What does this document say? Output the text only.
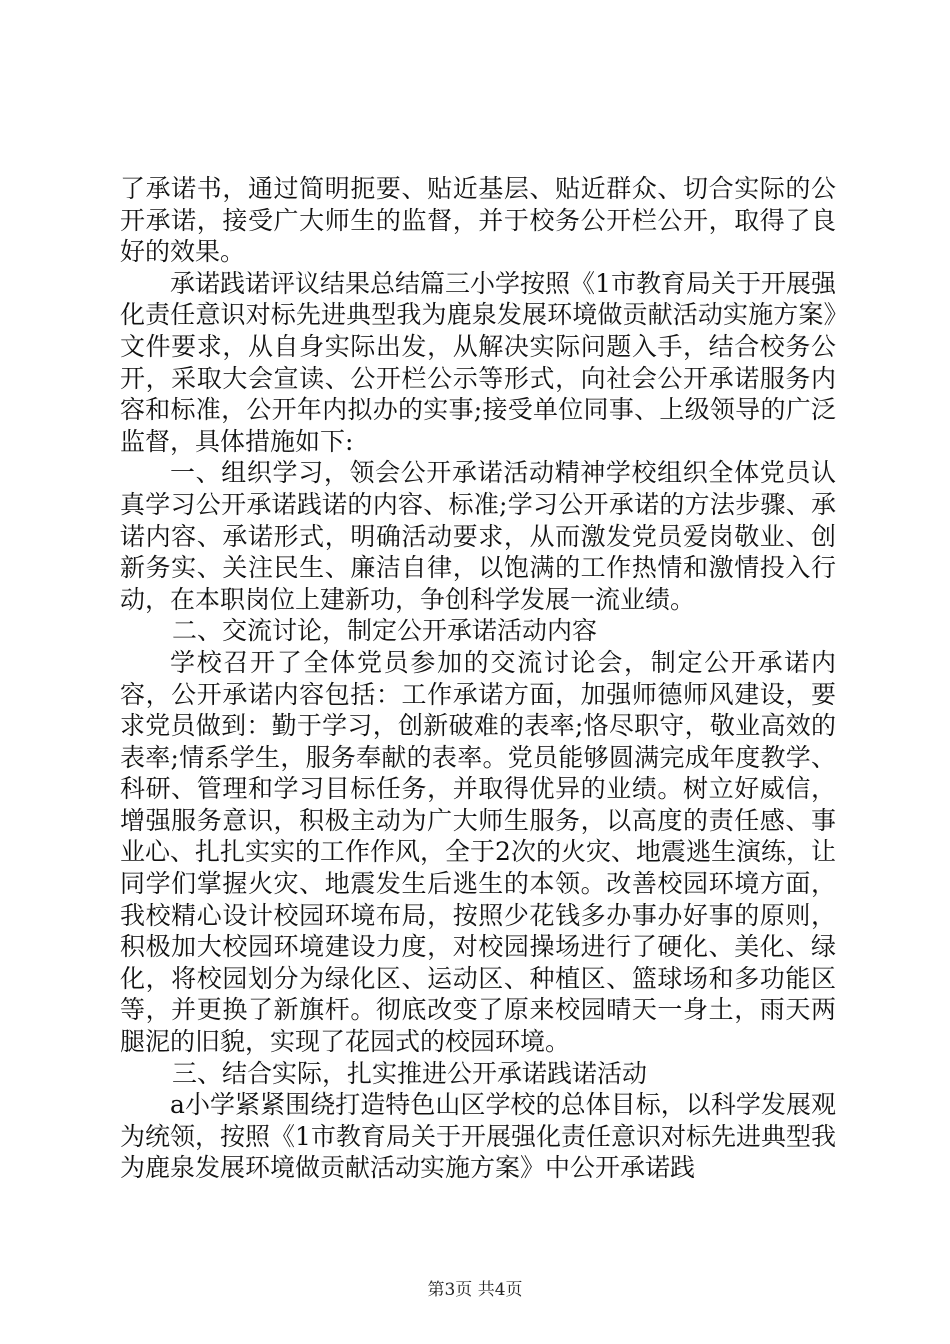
了承诺书，通过简明扼要、贴近基层、贴近群众、切合实际的公开承诺，接受广大师生的监督，并于校务公开栏公开，取得了良好的效果。

承诺践诺评议结果总结篇三小学按照《1市教育局关于开展强化责任意识对标先进典型我为鹿泉发展环境做贡献活动实施方案》文件要求，从自身实际出发，从解决实际问题入手，结合校务公开，采取大会宣读、公开栏公示等形式，向社会公开承诺服务内容和标准，公开年内拟办的实事;接受单位同事、上级领导的广泛监督，具体措施如下:

一、组织学习，领会公开承诺活动精神学校组织全体党员认真学习公开承诺践诺的内容、标准;学习公开承诺的方法步骤、承诺内容、承诺形式，明确活动要求，从而激发党员爱岗敬业、创新务实、关注民生、廉洁自律，以饱满的工作热情和激情投入行动，在本职岗位上建新功，争创科学发展一流业绩。

二、交流讨论，制定公开承诺活动内容

学校召开了全体党员参加的交流讨论会，制定公开承诺内容，公开承诺内容包括：工作承诺方面，加强师德师风建设，要求党员做到：勤于学习，创新破难的表率;恪尽职守，敬业高效的表率;情系学生，服务奉献的表率。党员能够圆满完成年度教学、科研、管理和学习目标任务，并取得优异的业绩。树立好威信，增强服务意识，积极主动为广大师生服务，以高度的责任感、事业心、扎扎实实的工作作风，全于2次的火灾、地震逃生演练，让同学们掌握火灾、地震发生后逃生的本领。改善校园环境方面，我校精心设计校园环境布局，按照少花钱多办事办好事的原则，积极加大校园环境建设力度，对校园操场进行了硬化、美化、绿化，将校园划分为绿化区、运动区、种植区、篮球场和多功能区等，并更换了新旗杆。彻底改变了原来校园晴天一身土，雨天两腿泥的旧貌，实现了花园式的校园环境。

三、结合实际，扎实推进公开承诺践诺活动

a小学紧紧围绕打造特色山区学校的总体目标，以科学发展观为统领，按照《1市教育局关于开展强化责任意识对标先进典型我为鹿泉发展环境做贡献活动实施方案》中公开承诺践

第3页 共4页
